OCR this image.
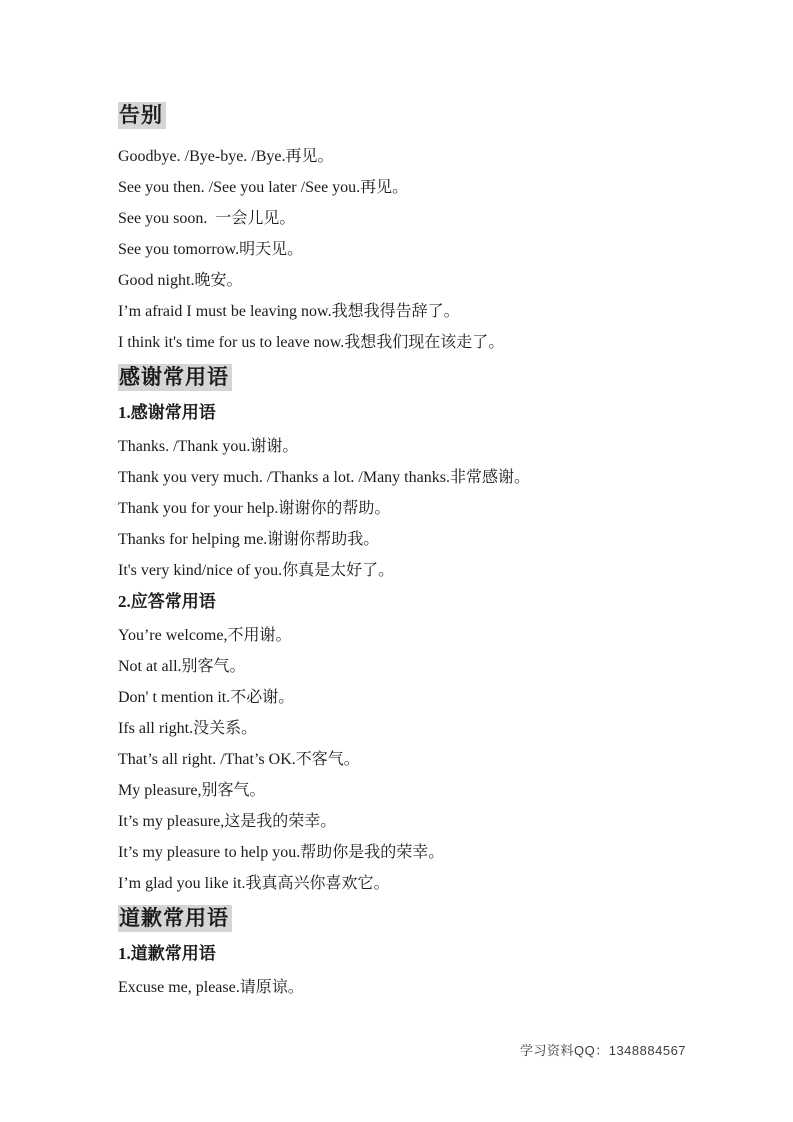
告别

Goodbye. /Bye-bye. /Bye.再见。

See you then. /See you later /See you.再见。

See you soon.  一会儿见。

See you tomorrow.明天见。

Good night.晚安。

I’m afraid I must be leaving now.我想我得告辞了。

I think it's time for us to leave now.我想我们现在该走了。

感谢常用语

1.感谢常用语

Thanks. /Thank you.谢谢。

Thank you very much. /Thanks a lot. /Many thanks.非常感谢。

Thank you for your help.谢谢你的帮助。

Thanks for helping me.谢谢你帮助我。

It's very kind/nice of you.你真是太好了。

2.应答常用语

You’re welcome,不用谢。

Not at all.别客气。

Don' t mention it.不必谢。

Ifs all right.没关系。

That’s all right. /That’s OK.不客气。

My pleasure,别客气。

It’s my pleasure,这是我的荣幸。

It’s my pleasure to help you.帮助你是我的荣幸。

I’m glad you like it.我真高兴你喜欢它。

道歉常用语

1.道歉常用语

Excuse me, please.请原谅。

学习资料QQ：1348884567
